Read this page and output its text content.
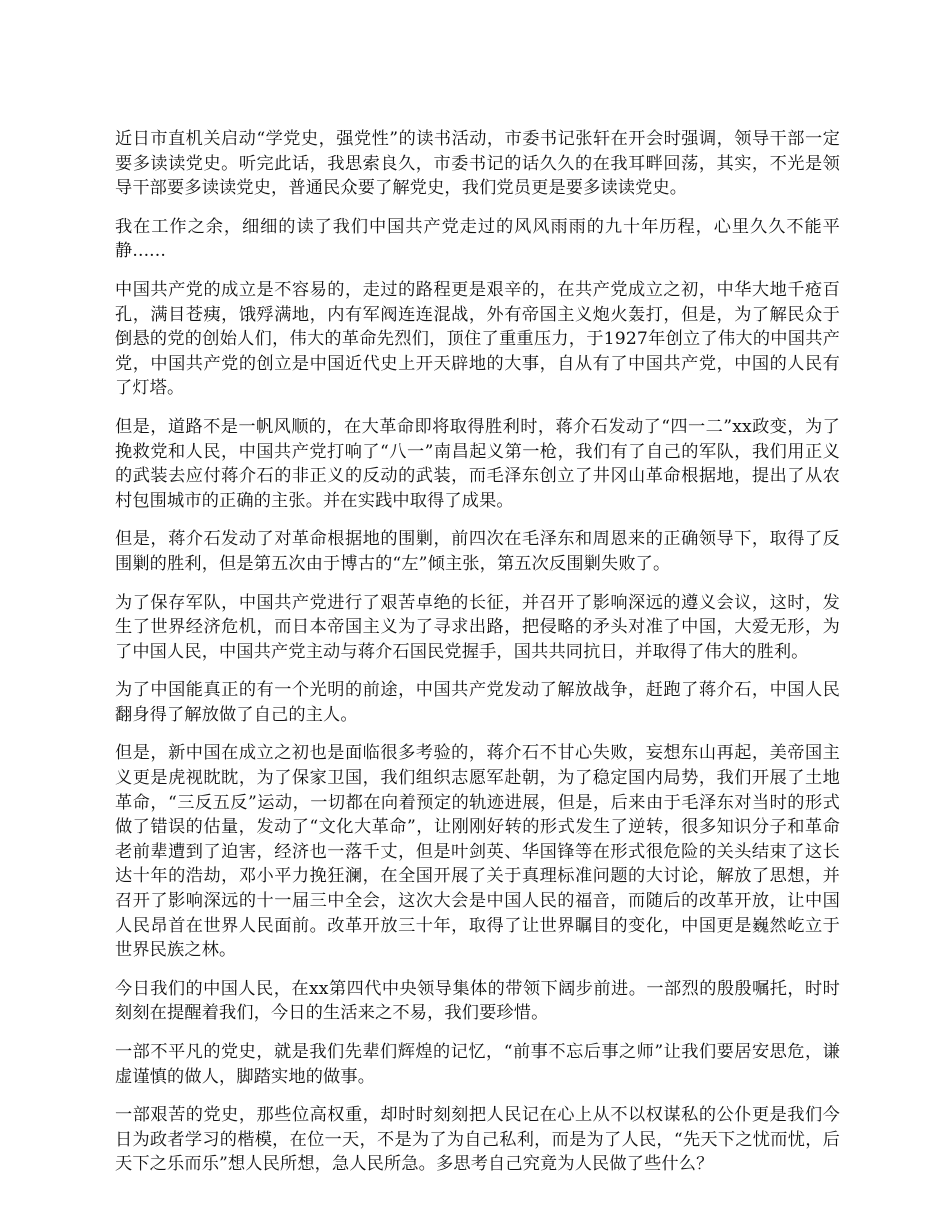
近日市直机关启动“学党史，强党性”的读书活动，市委书记张轩在开会时强调，领导干部一定要多读读党史。听完此话，我思索良久，市委书记的话久久的在我耳畔回荡，其实，不光是领导干部要多读读党史，普通民众要了解党史，我们党员更是要多读读党史。

我在工作之余，细细的读了我们中国共产党走过的风风雨雨的九十年历程，心里久久不能平静......

中国共产党的成立是不容易的，走过的路程更是艰辛的，在共产党成立之初，中华大地千疮百孔，满目苍痍，饿殍满地，内有军阀连连混战，外有帝国主义炮火轰打，但是，为了解民众于倒悬的党的创始人们，伟大的革命先烈们，顶住了重重压力，于1927年创立了伟大的中国共产党，中国共产党的创立是中国近代史上开天辟地的大事，自从有了中国共产党，中国的人民有了灯塔。

但是，道路不是一帆风顺的，在大革命即将取得胜利时，蒋介石发动了“四一二”xx政变，为了挽救党和人民，中国共产党打响了“八一”南昌起义第一枪，我们有了自己的军队，我们用正义的武装去应付蒋介石的非正义的反动的武装，而毛泽东创立了井冈山革命根据地，提出了从农村包围城市的正确的主张。并在实践中取得了成果。

但是，蒋介石发动了对革命根据地的围剿，前四次在毛泽东和周恩来的正确领导下，取得了反围剿的胜利，但是第五次由于博古的“左”倾主张，第五次反围剿失败了。

为了保存军队，中国共产党进行了艰苦卓绝的长征，并召开了影响深远的遵义会议，这时，发生了世界经济危机，而日本帝国主义为了寻求出路，把侵略的矛头对准了中国，大爱无形，为了中国人民，中国共产党主动与蒋介石国民党握手，国共共同抗日，并取得了伟大的胜利。

为了中国能真正的有一个光明的前途，中国共产党发动了解放战争，赶跑了蒋介石，中国人民翻身得了解放做了自己的主人。

但是，新中国在成立之初也是面临很多考验的，蒋介石不甘心失败，妄想东山再起，美帝国主义更是虎视眈眈，为了保家卫国，我们组织志愿军赴朝，为了稳定国内局势，我们开展了土地革命，“三反五反”运动，一切都在向着预定的轨迹进展，但是，后来由于毛泽东对当时的形式做了错误的估量，发动了“文化大革命”，让刚刚好转的形式发生了逆转，很多知识分子和革命老前辈遭到了迫害，经济也一落千丈，但是叶剑英、华国锋等在形式很危险的关头结束了这长达十年的浩劫，邓小平力挽狂澜，在全国开展了关于真理标准问题的大讨论，解放了思想，并召开了影响深远的十一届三中全会，这次大会是中国人民的福音，而随后的改革开放，让中国人民昂首在世界人民面前。改革开放三十年，取得了让世界瞩目的变化，中国更是巍然屹立于世界民族之林。

今日我们的中国人民，在xx第四代中央领导集体的带领下阔步前进。一部烈的殷殷嘱托，时时刻刻在提醒着我们，今日的生活来之不易，我们要珍惜。

一部不平凡的党史，就是我们先辈们辉煌的记忆，“前事不忘后事之师”让我们要居安思危，谦虚谨慎的做人，脚踏实地的做事。

一部艰苦的党史，那些位高权重，却时时刻刻把人民记在心上从不以权谋私的公仆更是我们今日为政者学习的楷模，在位一天，不是为了为自己私利，而是为了人民，“先天下之忧而忧，后天下之乐而乐”想人民所想，急人民所急。多思考自己究竟为人民做了些什么？
